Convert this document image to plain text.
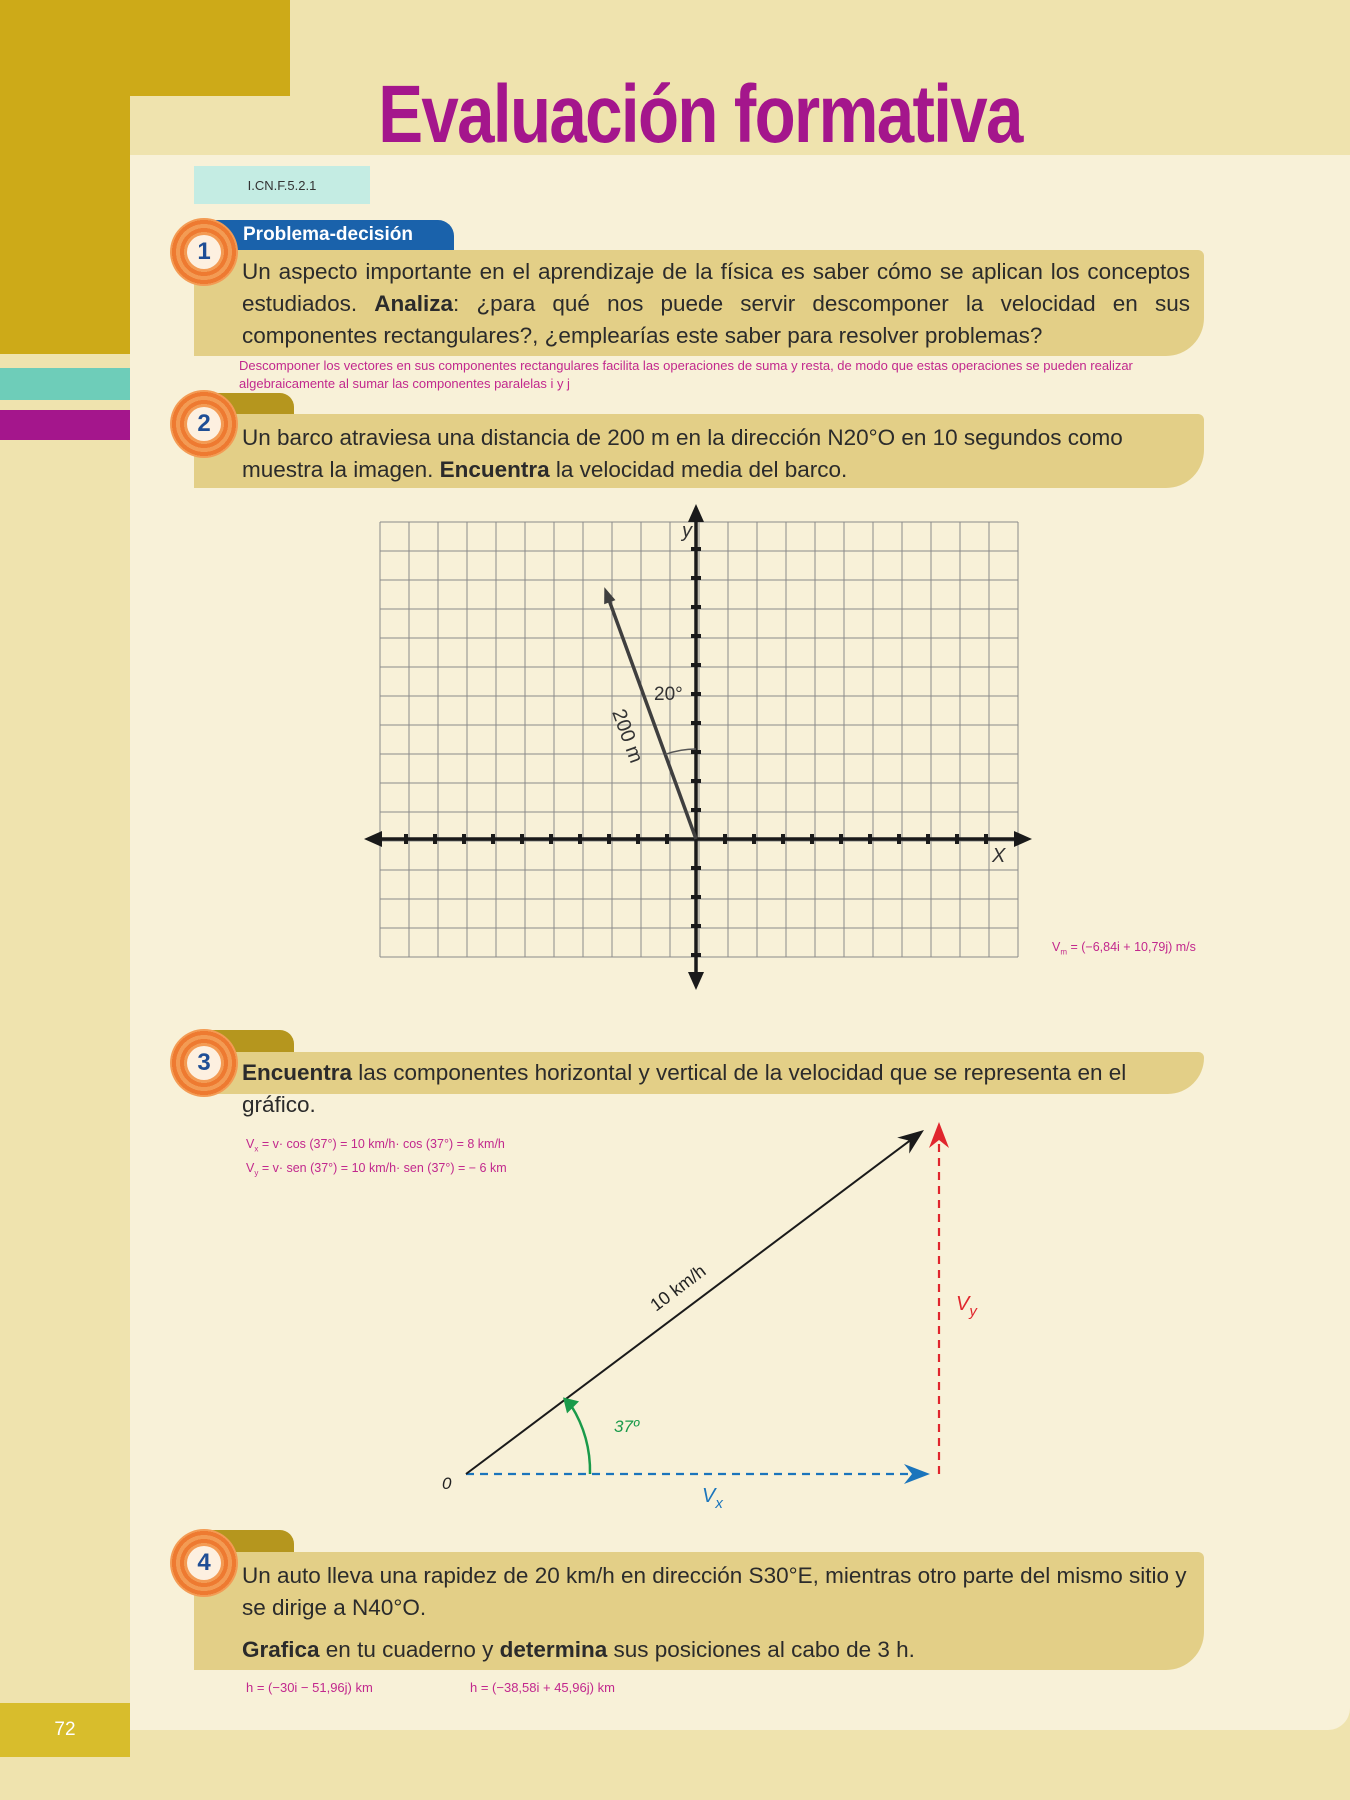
Evaluación formativa
I.CN.F.5.2.1
Problema-decisión

Un aspecto importante en el aprendizaje de la física es saber cómo se aplican los conceptos estudiados. Analiza: ¿para qué nos puede servir descomponer la velocidad en sus componentes rectangulares?, ¿emplearías este saber para resolver problemas?

1
Descomponer los vectores en sus componentes rectangulares facilita las operaciones de suma y resta, de modo que estas operaciones se pueden realizar algebraicamente al sumar las componentes paralelas i y j

Un barco atraviesa una distancia de 200 m en la dirección N20°O en 10 segundos como muestra la imagen. Encuentra la velocidad media del barco.

2
y
X
20°
200 m
$V_m = (-6,84i + 10,79j)$ m/s

Encuentra las componentes horizontal y vertical de la velocidad que se representa en el gráfico.

3
$V_x = v\cdot \cos (37^\circ) = 10$ km/h· cos (37°) = 8 km/h
$V_y = v\cdot$ sen (37°) = 10 km/h· sen (37°) = − 6 km
0
10 km/h
37º
$V_x$
$V_y$

Un auto lleva una rapidez de 20 km/h en dirección S30°E, mientras otro parte del mismo sitio y se dirige a N40°O.

Grafica en tu cuaderno y determina sus posiciones al cabo de 3 h.

4
h = (−30i − 51,96j) km	h = (−38,58i + 45,96j) km
72
